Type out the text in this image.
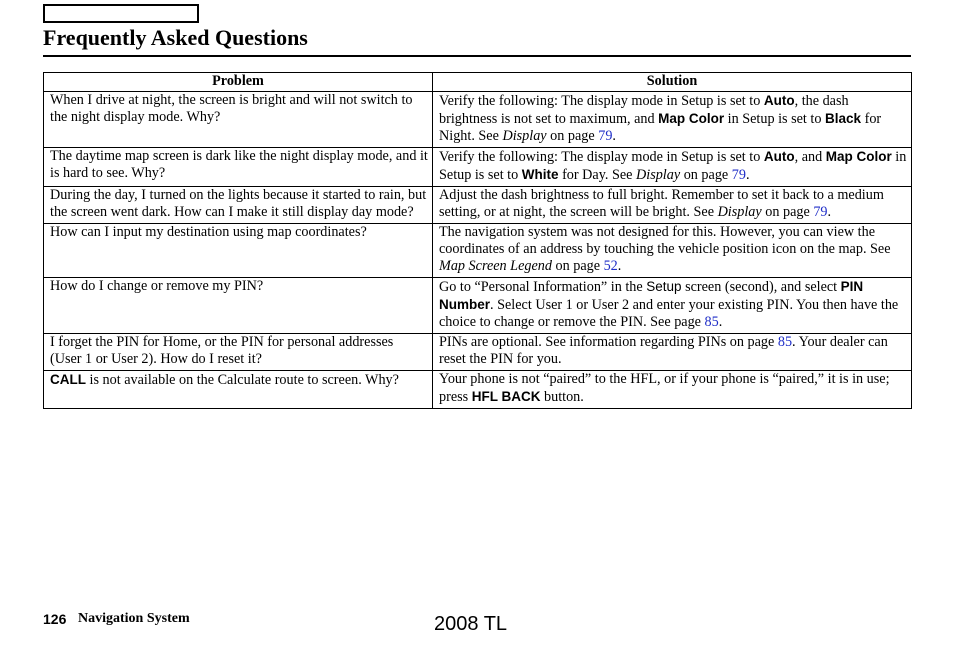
Frequently Asked Questions
Problem	Solution
When I drive at night, the screen is bright and will not switch to the night display mode. Why?	Verify the following: The display mode in Setup is set to Auto, the dash brightness is not set to maximum, and Map Color in Setup is set to Black for Night. See Display on page 79.
The daytime map screen is dark like the night display mode, and it is hard to see. Why?	Verify the following: The display mode in Setup is set to Auto, and Map Color in Setup is set to White for Day. See Display on page 79.
During the day, I turned on the lights because it started to rain, but the screen went dark. How can I make it still display day mode?	Adjust the dash brightness to full bright. Remember to set it back to a medium setting, or at night, the screen will be bright. See Display on page 79.
How can I input my destination using map coordinates?	The navigation system was not designed for this. However, you can view the coordinates of an address by touching the vehicle position icon on the map. See Map Screen Legend on page 52.
How do I change or remove my PIN?	Go to “Personal Information” in the Setup screen (second), and select PIN Number. Select User 1 or User 2 and enter your existing PIN. You then have the choice to change or remove the PIN. See page 85.
I forget the PIN for Home, or the PIN for personal addresses (User 1 or User 2). How do I reset it?	PINs are optional. See information regarding PINs on page 85. Your dealer can reset the PIN for you.
CALL is not available on the Calculate route to screen. Why?	Your phone is not “paired” to the HFL, or if your phone is “paired,” it is in use; press HFL BACK button.
126 Navigation System	2008 TL
